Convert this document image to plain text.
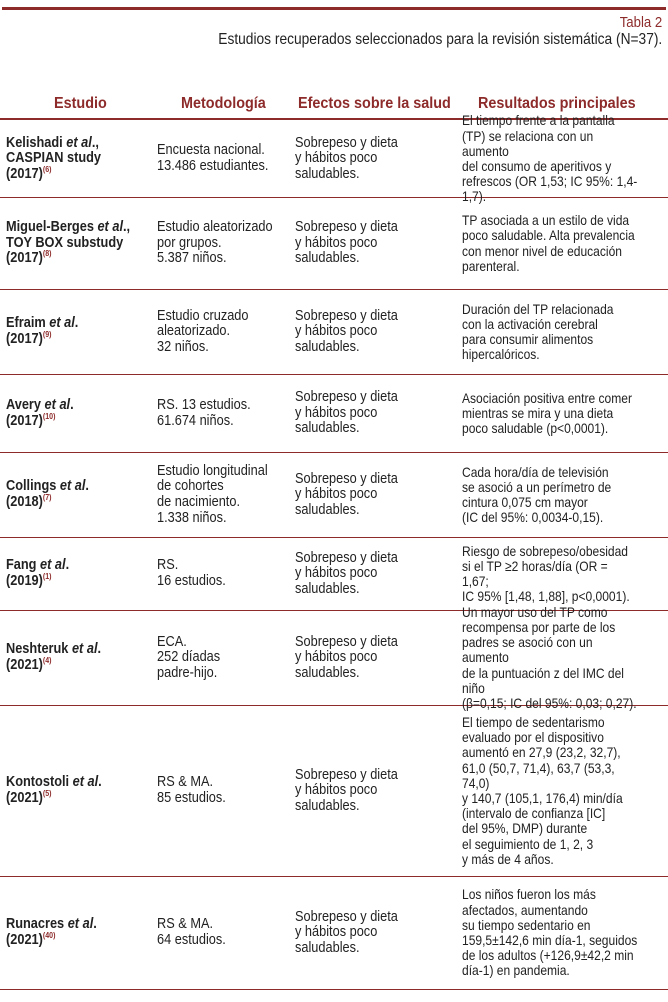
Tabla 2
Estudios recuperados seleccionados para la revisión sistemática (N=37).
Estudio	Metodología Efectos sobre la salud Resultados principales
Kelishadi et al.,
CASPIAN study
(2017)$^{(6)}$
Encuesta nacional.
13.486 estudiantes.
Sobrepeso y dieta
y hábitos poco saludables.
El tiempo frente a la pantalla
(TP) se relaciona con un aumento
del consumo de aperitivos y
refrescos (OR 1,53; IC 95%: 1,4-1,7).
Miguel-Berges et al.,
TOY BOX substudy
(2017)$^{(8)}$
Estudio aleatorizado
por grupos.
5.387 niños.
Sobrepeso y dieta
y hábitos poco saludables.
TP asociada a un estilo de vida
poco saludable. Alta prevalencia
con menor nivel de educación
parenteral.
Efraim et al.
(2017)$^{(9)}$
Estudio cruzado
aleatorizado.
32 niños.
Sobrepeso y dieta
y hábitos poco saludables.
Duración del TP relacionada
con la activación cerebral
para consumir alimentos
hipercalóricos.
Avery et al.
(2017)$^{(10)}$
RS. 13 estudios.
61.674 niños.
Sobrepeso y dieta
y hábitos poco saludables.
Asociación positiva entre comer
mientras se mira y una dieta
poco saludable (p<0,0001).
Collings et al.
(2018)$^{(7)}$
Estudio longitudinal
de cohortes
de nacimiento.
1.338 niños.
Sobrepeso y dieta
y hábitos poco saludables.
Cada hora/día de televisión
se asoció a un perímetro de
cintura 0,075 cm mayor
(IC del 95%: 0,0034-0,15).
Fang et al.
(2019)$^{(1)}$
RS.
16 estudios.
Sobrepeso y dieta
y hábitos poco saludables.
Riesgo de sobrepeso/obesidad
si el TP ≥2 horas/día (OR = 1,67;
IC 95% [1,48, 1,88], p<0,0001).
Neshteruk et al.
(2021)$^{(4)}$
ECA.
252 díadas
padre-hijo.
Sobrepeso y dieta
y hábitos poco saludables.
Un mayor uso del TP como
recompensa por parte de los
padres se asoció con un aumento
de la puntuación z del IMC del niño
(β=0,15; IC del 95%: 0,03; 0,27).
Kontostoli et al.
(2021)$^{(5)}$
RS & MA.
85 estudios.
Sobrepeso y dieta
y hábitos poco saludables.
El tiempo de sedentarismo
evaluado por el dispositivo
aumentó en 27,9 (23,2, 32,7),
61,0 (50,7, 71,4), 63,7 (53,3, 74,0)
y 140,7 (105,1, 176,4) min/día
(intervalo de confianza [IC]
del 95%, DMP) durante
el seguimiento de 1, 2, 3
y más de 4 años.
Runacres et al.
(2021)$^{(40)}$
RS & MA.
64 estudios.
Sobrepeso y dieta
y hábitos poco saludables.
Los niños fueron los más
afectados, aumentando
su tiempo sedentario en
159,5±142,6 min día-1, seguidos
de los adultos (+126,9±42,2 min
día-1) en pandemia.
